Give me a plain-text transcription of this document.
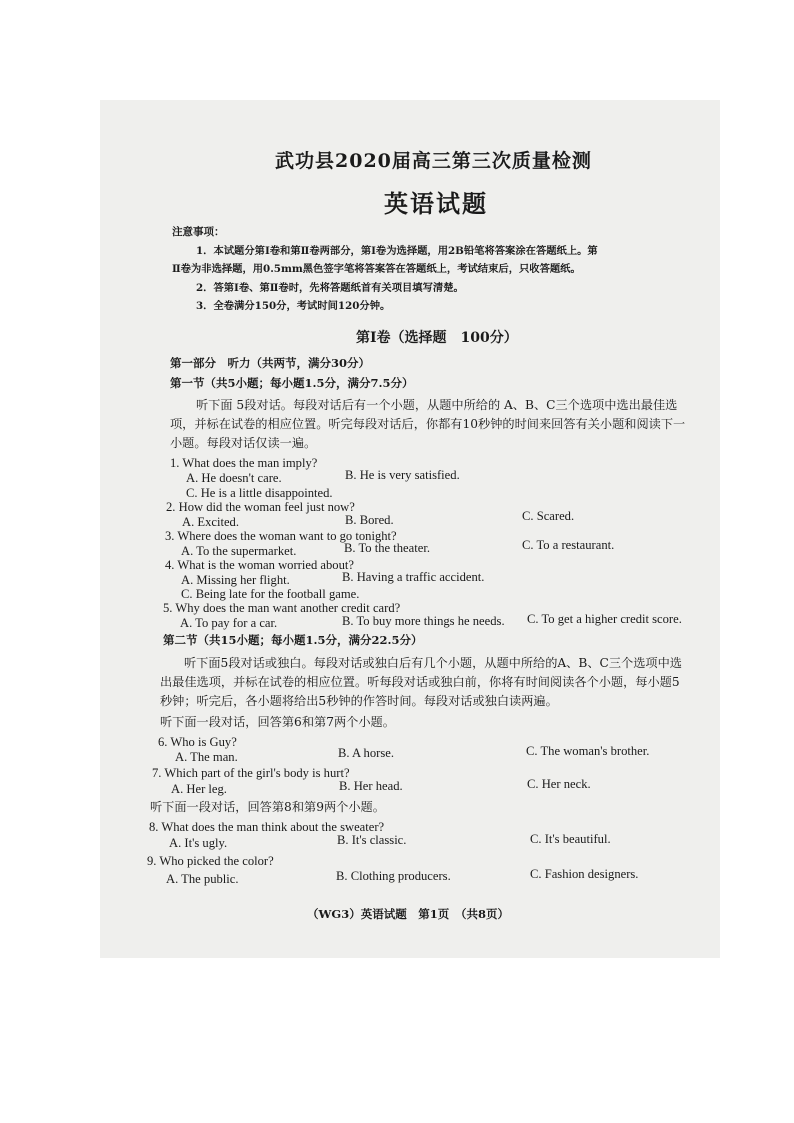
武功县2020届高三第三次质量检测
英语试题
注意事项：
1．本试题分第Ⅰ卷和第Ⅱ卷两部分，第Ⅰ卷为选择题，用2B铅笔将答案涂在答题纸上。第
Ⅱ卷为非选择题，用0.5mm黑色签字笔将答案答在答题纸上，考试结束后，只收答题纸。
2．答第Ⅰ卷、第Ⅱ卷时，先将答题纸首有关项目填写清楚。
3．全卷满分150分，考试时间120分钟。
第Ⅰ卷（选择题　100分）
第一部分　听力（共两节，满分30分）
第一节（共5小题；每小题1.5分，满分7.5分）
听下面 5段对话。每段对话后有一个小题，从题中所给的 A、B、C三个选项中选出最佳选
项，并标在试卷的相应位置。听完每段对话后，你都有10秒钟的时间来回答有关小题和阅读下一
小题。每段对话仅读一遍。
1. What does the man imply?
A. He doesn't care.	B. He is very satisfied.
C. He is a little disappointed.
2. How did the woman feel just now?
A. Excited.	B. Bored.	C. Scared.
3. Where does the woman want to go tonight?
A. To the supermarket.	B. To the theater.	C. To a restaurant.
4. What is the woman worried about?
A. Missing her flight.	B. Having a traffic accident.
C. Being late for the football game.
5. Why does the man want another credit card?
A. To pay for a car.	B. To buy more things he needs. C. To get a higher credit score.
第二节（共15小题；每小题1.5分，满分22.5分）
听下面5段对话或独白。每段对话或独白后有几个小题，从题中所给的A、B、C三个选项中选
出最佳选项，并标在试卷的相应位置。听每段对话或独白前，你将有时间阅读各个小题，每小题5
秒钟；听完后，各小题将给出5秒钟的作答时间。每段对话或独白读两遍。
听下面一段对话，回答第6和第7两个小题。
6. Who is Guy?
A. The man.	B. A horse.	C. The woman's brother.
7. Which part of the girl's body is hurt?
A. Her leg.	B. Her head.	C. Her neck.
听下面一段对话，回答第8和第9两个小题。
8. What does the man think about the sweater?
A. It's ugly.	B. It's classic.	C. It's beautiful.
9. Who picked the color?
A. The public.	B. Clothing producers.	C. Fashion designers.
（WG3）英语试题　第1页　（共8页）
